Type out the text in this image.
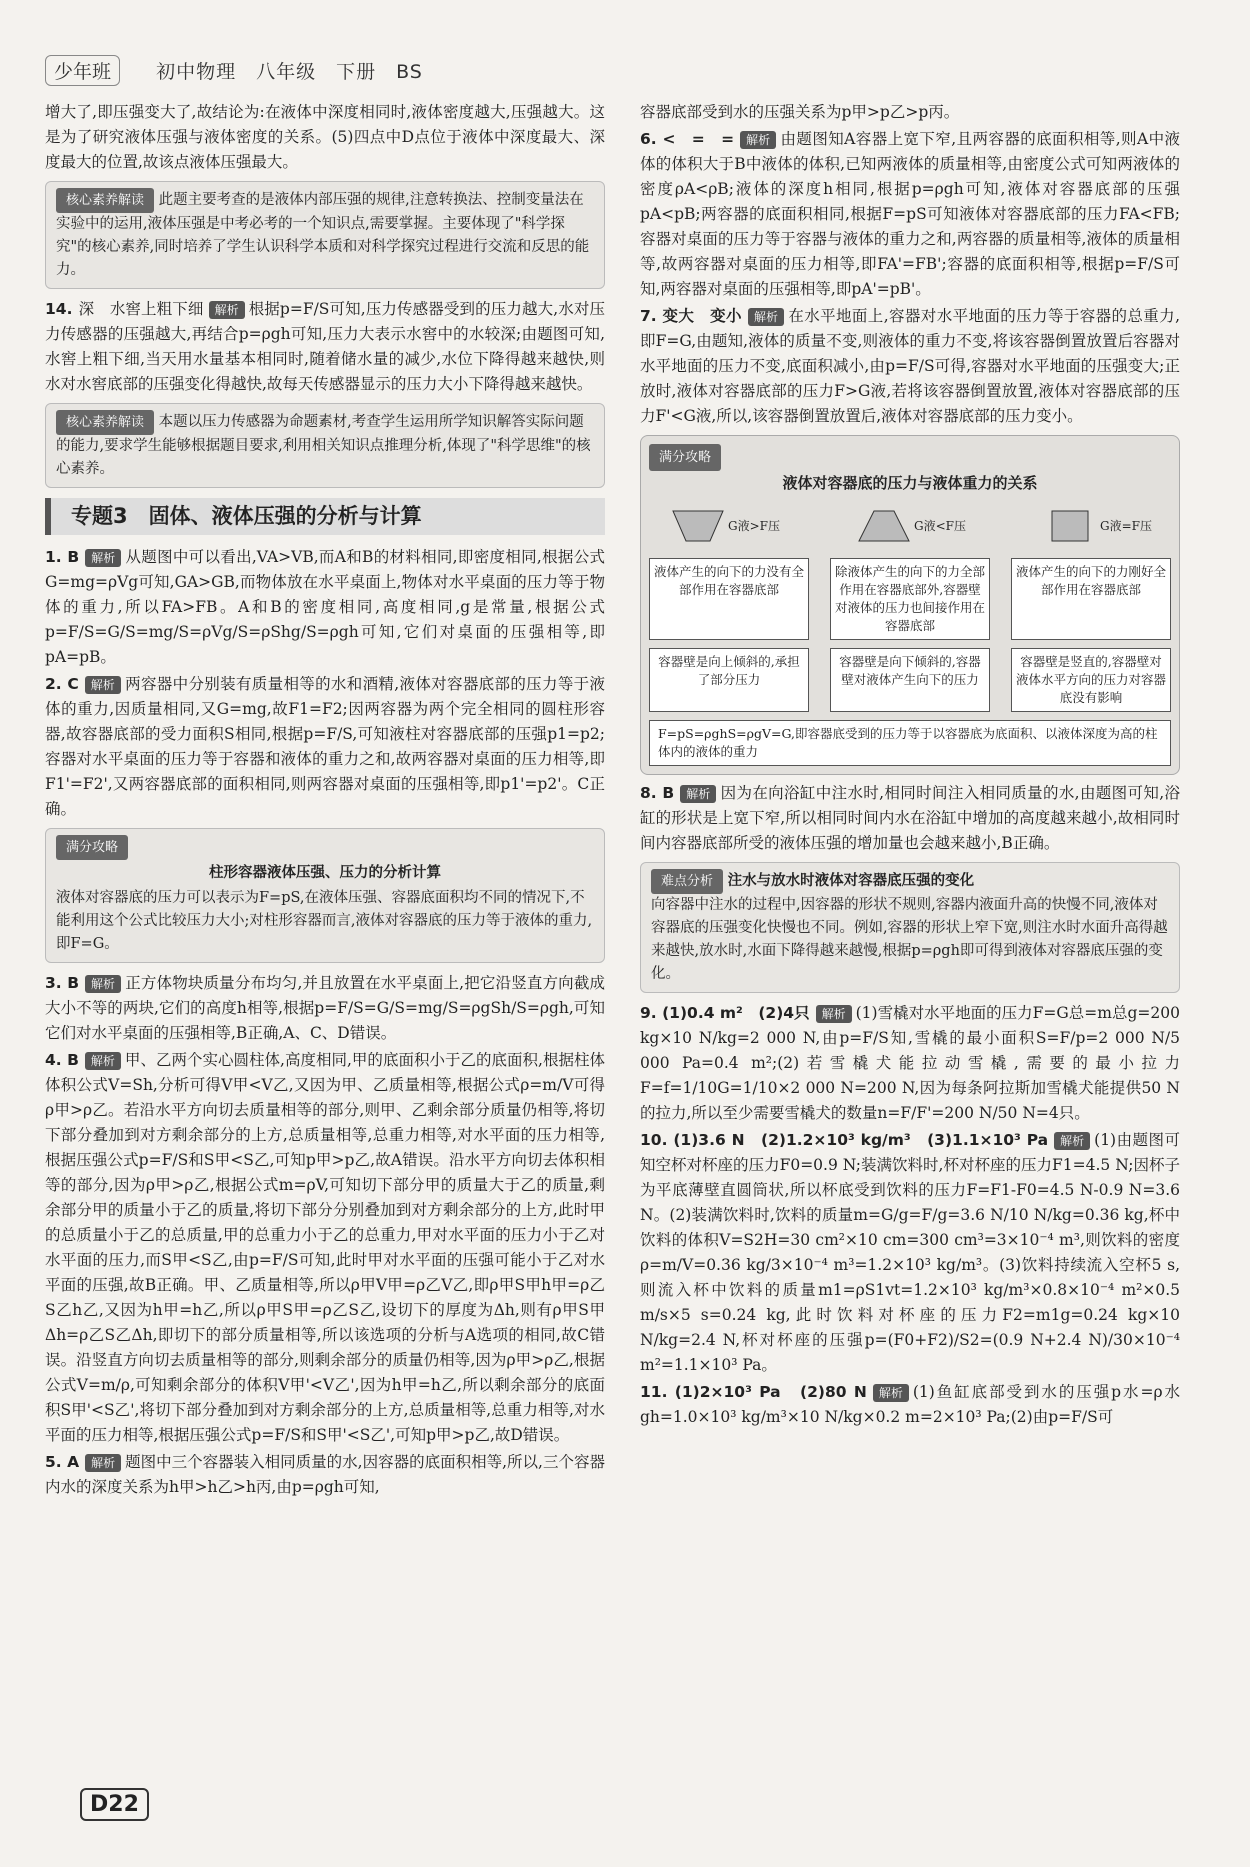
少年班 初中物理　八年级　下册　BS

增大了,即压强变大了,故结论为:在液体中深度相同时,液体密度越大,压强越大。这是为了研究液体压强与液体密度的关系。(5)四点中D点位于液体中深度最大、深度最大的位置,故该点液体压强最大。

核心素养解读 此题主要考查的是液体内部压强的规律,注意转换法、控制变量法在实验中的运用,液体压强是中考必考的一个知识点,需要掌握。主要体现了"科学探究"的核心素养,同时培养了学生认识科学本质和对科学探究过程进行交流和反思的能力。

14. 深　水窖上粗下细 解析 根据p=F/S可知,压力传感器受到的压力越大,水对压力传感器的压强越大,再结合p=ρgh可知,压力大表示水窖中的水较深;由题图可知,水窖上粗下细,当天用水量基本相同时,随着储水量的减少,水位下降得越来越快,则水对水窖底部的压强变化得越快,故每天传感器显示的压力大小下降得越来越快。

核心素养解读 本题以压力传感器为命题素材,考查学生运用所学知识解答实际问题的能力,要求学生能够根据题目要求,利用相关知识点推理分析,体现了"科学思维"的核心素养。
专题3　固体、液体压强的分析与计算

1. B 解析 从题图中可以看出,VA>VB,而A和B的材料相同,即密度相同,根据公式G=mg=ρVg可知,GA>GB,而物体放在水平桌面上,物体对水平桌面的压力等于物体的重力,所以FA>FB。A和B的密度相同,高度相同,g是常量,根据公式p=F/S=G/S=mg/S=ρVg/S=ρShg/S=ρgh可知,它们对桌面的压强相等,即pA=pB。

2. C 解析 两容器中分别装有质量相等的水和酒精,液体对容器底部的压力等于液体的重力,因质量相同,又G=mg,故F1=F2;因两容器为两个完全相同的圆柱形容器,故容器底部的受力面积S相同,根据p=F/S,可知液柱对容器底部的压强p1=p2;容器对水平桌面的压力等于容器和液体的重力之和,故两容器对桌面的压力相等,即F1'=F2',又两容器底部的面积相同,则两容器对桌面的压强相等,即p1'=p2'。C正确。

满分攻略
柱形容器液体压强、压力的分析计算
液体对容器底的压力可以表示为F=pS,在液体压强、容器底面积均不同的情况下,不能利用这个公式比较压力大小;对柱形容器而言,液体对容器底的压力等于液体的重力,即F=G。

3. B 解析 正方体物块质量分布均匀,并且放置在水平桌面上,把它沿竖直方向截成大小不等的两块,它们的高度h相等,根据p=F/S=G/S=mg/S=ρgSh/S=ρgh,可知它们对水平桌面的压强相等,B正确,A、C、D错误。

4. B 解析 甲、乙两个实心圆柱体,高度相同,甲的底面积小于乙的底面积,根据柱体体积公式V=Sh,分析可得V甲<V乙,又因为甲、乙质量相等,根据公式ρ=m/V可得ρ甲>ρ乙。若沿水平方向切去质量相等的部分,则甲、乙剩余部分质量仍相等,将切下部分叠加到对方剩余部分的上方,总质量相等,总重力相等,对水平面的压力相等,根据压强公式p=F/S和S甲<S乙,可知p甲>p乙,故A错误。沿水平方向切去体积相等的部分,因为ρ甲>ρ乙,根据公式m=ρV,可知切下部分甲的质量大于乙的质量,剩余部分甲的质量小于乙的质量,将切下部分分别叠加到对方剩余部分的上方,此时甲的总质量小于乙的总质量,甲的总重力小于乙的总重力,甲对水平面的压力小于乙对水平面的压力,而S甲<S乙,由p=F/S可知,此时甲对水平面的压强可能小于乙对水平面的压强,故B正确。甲、乙质量相等,所以ρ甲V甲=ρ乙V乙,即ρ甲S甲h甲=ρ乙S乙h乙,又因为h甲=h乙,所以ρ甲S甲=ρ乙S乙,设切下的厚度为Δh,则有ρ甲S甲Δh=ρ乙S乙Δh,即切下的部分质量相等,所以该选项的分析与A选项的相同,故C错误。沿竖直方向切去质量相等的部分,则剩余部分的质量仍相等,因为ρ甲>ρ乙,根据公式V=m/ρ,可知剩余部分的体积V甲'<V乙',因为h甲=h乙,所以剩余部分的底面积S甲'<S乙',将切下部分叠加到对方剩余部分的上方,总质量相等,总重力相等,对水平面的压力相等,根据压强公式p=F/S和S甲'<S乙',可知p甲>p乙,故D错误。

5. A 解析 题图中三个容器装入相同质量的水,因容器的底面积相等,所以,三个容器内水的深度关系为h甲>h乙>h丙,由p=ρgh可知,

容器底部受到水的压强关系为p甲>p乙>p丙。

6. <　=　= 解析 由题图知A容器上宽下窄,且两容器的底面积相等,则A中液体的体积大于B中液体的体积,已知两液体的质量相等,由密度公式可知两液体的密度ρA<ρB;液体的深度h相同,根据p=ρgh可知,液体对容器底部的压强pA<pB;两容器的底面积相同,根据F=pS可知液体对容器底部的压力FA<FB;容器对桌面的压力等于容器与液体的重力之和,两容器的质量相等,液体的质量相等,故两容器对桌面的压力相等,即FA'=FB';容器的底面积相等,根据p=F/S可知,两容器对桌面的压强相等,即pA'=pB'。

7. 变大　变小 解析 在水平地面上,容器对水平地面的压力等于容器的总重力,即F=G,由题知,液体的质量不变,则液体的重力不变,将该容器倒置放置后容器对水平地面的压力不变,底面积减小,由p=F/S可得,容器对水平地面的压强变大;正放时,液体对容器底部的压力F>G液,若将该容器倒置放置,液体对容器底部的压力F'<G液,所以,该容器倒置放置后,液体对容器底部的压力变小。

满分攻略
液体对容器底的压力与液体重力的关系
G液>F压	G液<F压	G液=F压
液体产生的向下的力没有全部作用在容器底部
除液体产生的向下的力全部作用在容器底部外,容器壁对液体的压力也间接作用在容器底部
液体产生的向下的力刚好全部作用在容器底部
容器壁是向上倾斜的,承担了部分压力
容器壁是向下倾斜的,容器壁对液体产生向下的压力
容器壁是竖直的,容器壁对液体水平方向的压力对容器底没有影响
F=pS=ρghS=ρgV=G,即容器底受到的压力等于以容器底为底面积、以液体深度为高的柱体内的液体的重力

8. B 解析 因为在向浴缸中注水时,相同时间注入相同质量的水,由题图可知,浴缸的形状是上宽下窄,所以相同时间内水在浴缸中增加的高度越来越小,故相同时间内容器底部所受的液体压强的增加量也会越来越小,B正确。

难点分析 注水与放水时液体对容器底压强的变化
向容器中注水的过程中,因容器的形状不规则,容器内液面升高的快慢不同,液体对容器底的压强变化快慢也不同。例如,容器的形状上窄下宽,则注水时水面升高得越来越快,放水时,水面下降得越来越慢,根据p=ρgh即可得到液体对容器底压强的变化。

9. (1)0.4 m²　(2)4只 解析 (1)雪橇对水平地面的压力F=G总=m总g=200 kg×10 N/kg=2 000 N,由p=F/S知,雪橇的最小面积S=F/p=2 000 N/5 000 Pa=0.4 m²;(2)若雪橇犬能拉动雪橇,需要的最小拉力F=f=1/10G=1/10×2 000 N=200 N,因为每条阿拉斯加雪橇犬能提供50 N的拉力,所以至少需要雪橇犬的数量n=F/F'=200 N/50 N=4只。

10. (1)3.6 N　(2)1.2×10³ kg/m³　(3)1.1×10³ Pa 解析 (1)由题图可知空杯对杯座的压力F0=0.9 N;装满饮料时,杯对杯座的压力F1=4.5 N;因杯子为平底薄壁直圆筒状,所以杯底受到饮料的压力F=F1-F0=4.5 N-0.9 N=3.6 N。(2)装满饮料时,饮料的质量m=G/g=F/g=3.6 N/10 N/kg=0.36 kg,杯中饮料的体积V=S2H=30 cm²×10 cm=300 cm³=3×10⁻⁴ m³,则饮料的密度ρ=m/V=0.36 kg/3×10⁻⁴ m³=1.2×10³ kg/m³。(3)饮料持续流入空杯5 s,则流入杯中饮料的质量m1=ρS1vt=1.2×10³ kg/m³×0.8×10⁻⁴ m²×0.5 m/s×5 s=0.24 kg,此时饮料对杯座的压力F2=m1g=0.24 kg×10 N/kg=2.4 N,杯对杯座的压强p=(F0+F2)/S2=(0.9 N+2.4 N)/30×10⁻⁴ m²=1.1×10³ Pa。

11. (1)2×10³ Pa　(2)80 N 解析 (1)鱼缸底部受到水的压强p水=ρ水gh=1.0×10³ kg/m³×10 N/kg×0.2 m=2×10³ Pa;(2)由p=F/S可

D22
